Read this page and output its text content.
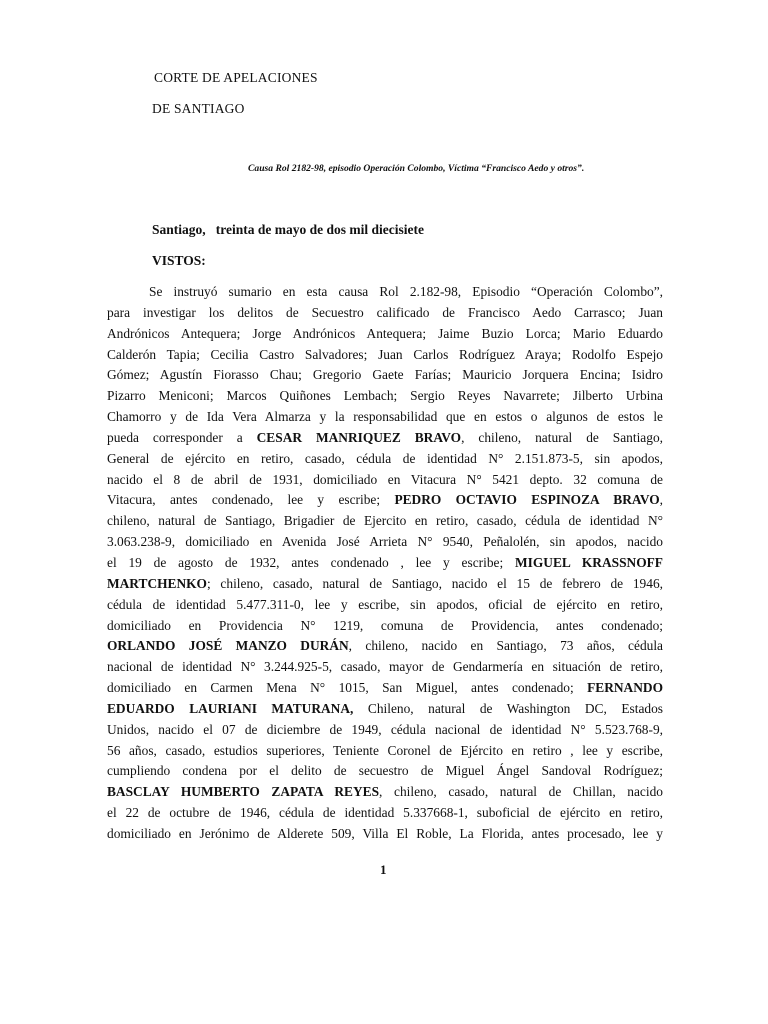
CORTE DE APELACIONES
DE SANTIAGO
Causa Rol 2182-98, episodio Operación Colombo, Víctima “Francisco Aedo y otros”.
Santiago,   treinta de mayo de dos mil diecisiete
VISTOS:
Se instruyó sumario en esta causa Rol 2.182-98, Episodio “Operación Colombo”,
para investigar los delitos de Secuestro calificado de Francisco Aedo Carrasco; Juan
Andrónicos Antequera; Jorge Andrónicos Antequera; Jaime Buzio Lorca; Mario Eduardo
Calderón Tapia; Cecilia Castro Salvadores; Juan Carlos Rodríguez Araya; Rodolfo Espejo
Gómez; Agustín Fiorasso Chau; Gregorio Gaete Farías; Mauricio Jorquera Encina; Isidro
Pizarro Meniconi; Marcos Quiñones Lembach; Sergio Reyes Navarrete; Jilberto Urbina
Chamorro y de Ida Vera Almarza y la responsabilidad que en estos o algunos de estos le
pueda corresponder a CESAR MANRIQUEZ BRAVO, chileno, natural de Santiago,
General de ejército en retiro, casado, cédula de identidad N° 2.151.873-5, sin apodos,
nacido el 8 de abril de 1931, domiciliado en Vitacura N° 5421 depto. 32 comuna de
Vitacura, antes condenado, lee y escribe; PEDRO OCTAVIO ESPINOZA BRAVO,
chileno, natural de Santiago, Brigadier de Ejercito en retiro, casado, cédula de identidad N°
3.063.238-9, domiciliado en Avenida José Arrieta N° 9540, Peñalolén, sin apodos, nacido
el 19 de agosto de 1932, antes condenado , lee y escribe; MIGUEL KRASSNOFF
MARTCHENKO; chileno, casado, natural de Santiago, nacido el 15 de febrero de 1946,
cédula de identidad 5.477.311-0, lee y escribe, sin apodos, oficial de ejército en retiro,
domiciliado en Providencia N° 1219, comuna de Providencia, antes condenado;
ORLANDO JOSÉ MANZO DURÁN, chileno, nacido en Santiago, 73 años, cédula
nacional de identidad N° 3.244.925-5, casado, mayor de Gendarmería en situación de retiro,
domiciliado en Carmen Mena N° 1015, San Miguel, antes condenado; FERNANDO
EDUARDO LAURIANI MATURANA, Chileno, natural de Washington DC, Estados
Unidos, nacido el 07 de diciembre de 1949, cédula nacional de identidad N° 5.523.768-9,
56 años, casado, estudios superiores, Teniente Coronel de Ejército en retiro , lee y escribe,
cumpliendo condena por el delito de secuestro de Miguel Ángel Sandoval Rodríguez;
BASCLAY HUMBERTO ZAPATA REYES, chileno, casado, natural de Chillan, nacido
el 22 de octubre de 1946, cédula de identidad 5.337668-1, suboficial de ejército en retiro,
domiciliado en Jerónimo de Alderete 509, Villa El Roble, La Florida, antes procesado, lee y
1
